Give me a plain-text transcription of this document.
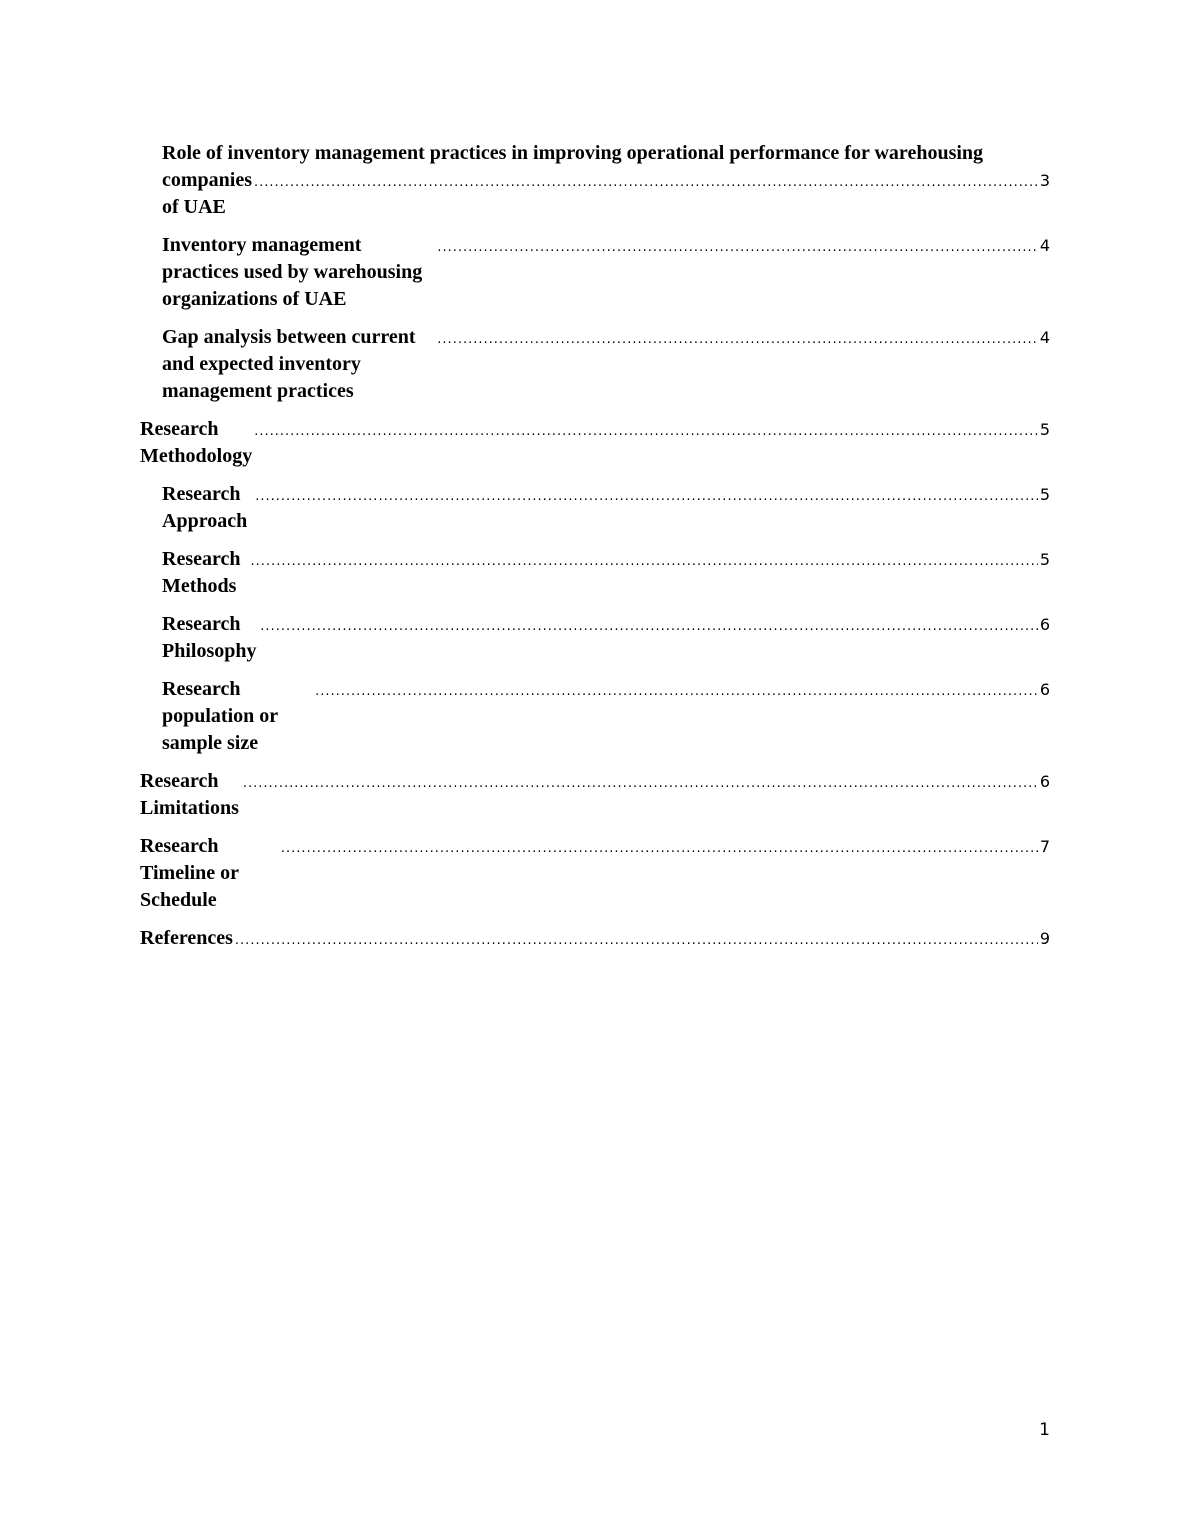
Role of inventory management practices in improving operational performance for warehousing
companies of UAE
.....
3
Inventory management practices used by warehousing organizations of UAE
.....
4
Gap analysis between current and expected inventory management practices
.....
4
Research Methodology
.....
5
Research Approach
.....
5
Research Methods
.....
5
Research Philosophy
.....
6
Research population or sample size
.....
6
Research Limitations
.....
6
Research Timeline or Schedule
.....
7
References
.....	9
1
